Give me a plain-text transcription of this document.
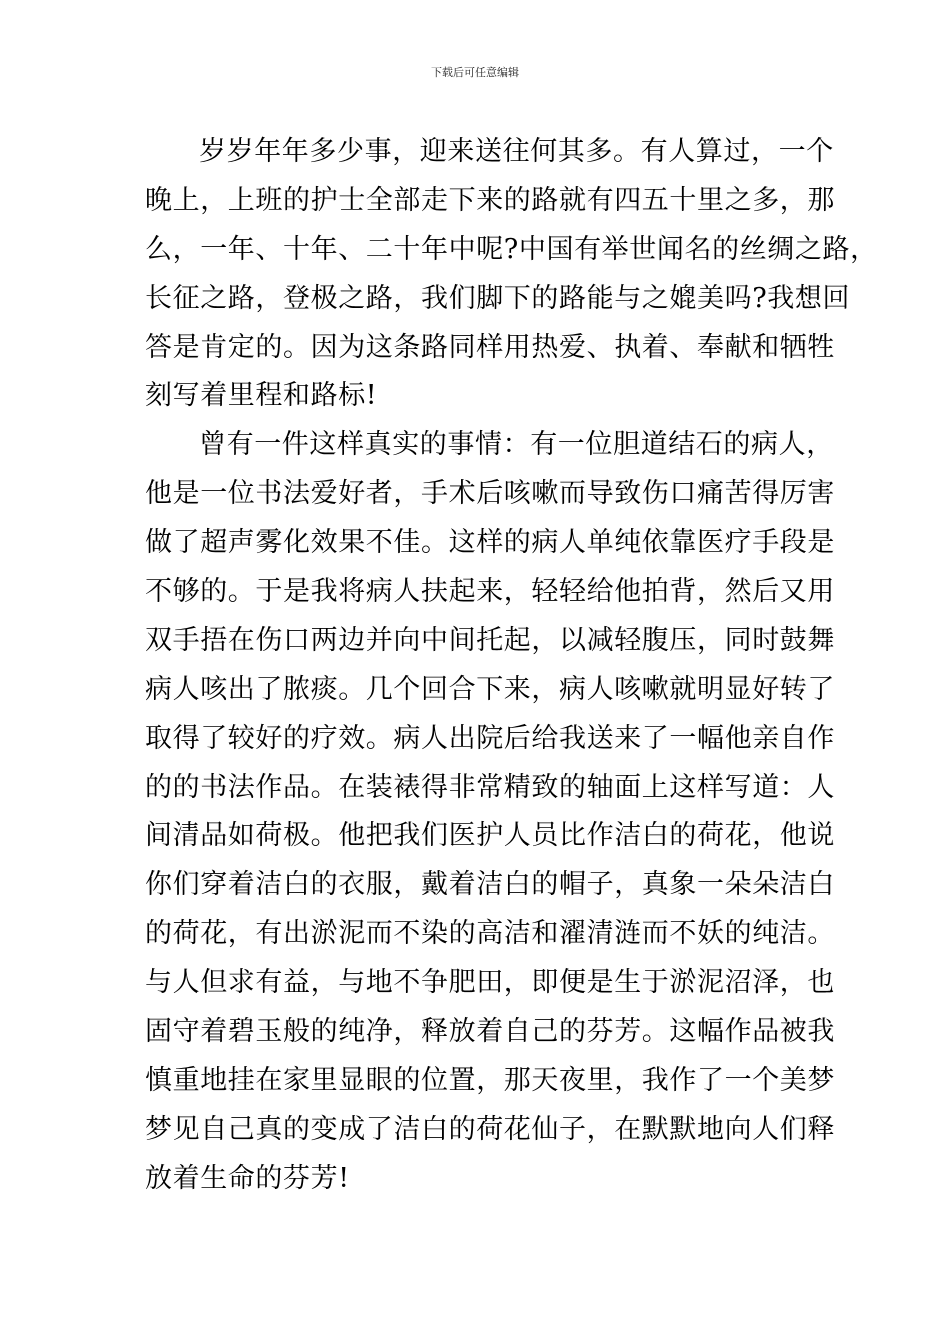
下载后可任意编辑
岁岁年年多少事，迎来送往何其多。有人算过，一个
晚上，上班的护士全部走下来的路就有四五十里之多，那
么，一年、十年、二十年中呢?中国有举世闻名的丝绸之路，
长征之路，登极之路，我们脚下的路能与之媲美吗?我想回
答是肯定的。因为这条路同样用热爱、执着、奉献和牺牲
刻写着里程和路标!
曾有一件这样真实的事情：有一位胆道结石的病人，
他是一位书法爱好者，手术后咳嗽而导致伤口痛苦得厉害
做了超声雾化效果不佳。这样的病人单纯依靠医疗手段是
不够的。于是我将病人扶起来，轻轻给他拍背，然后又用
双手捂在伤口两边并向中间托起，以减轻腹压，同时鼓舞
病人咳出了脓痰。几个回合下来，病人咳嗽就明显好转了
取得了较好的疗效。病人出院后给我送来了一幅他亲自作
的的书法作品。在装裱得非常精致的轴面上这样写道：人
间清品如荷极。他把我们医护人员比作洁白的荷花，他说
你们穿着洁白的衣服，戴着洁白的帽子，真象一朵朵洁白
的荷花，有出淤泥而不染的高洁和濯清涟而不妖的纯洁。
与人但求有益，与地不争肥田，即便是生于淤泥沼泽，也
固守着碧玉般的纯净，释放着自己的芬芳。这幅作品被我
慎重地挂在家里显眼的位置，那天夜里，我作了一个美梦
梦见自己真的变成了洁白的荷花仙子，在默默地向人们释
放着生命的芬芳!
